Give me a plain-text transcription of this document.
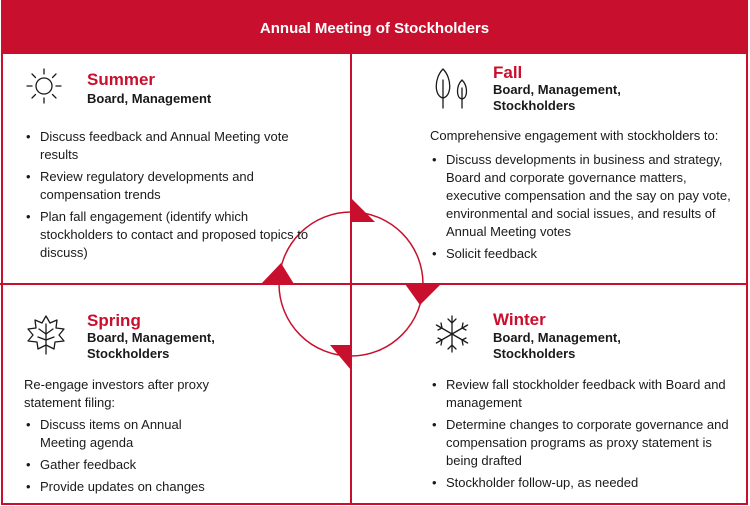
Annual Meeting of Stockholders
Summer
Board, Management
• Discuss feedback and Annual Meeting vote results
• Review regulatory developments and compensation trends
• Plan fall engagement (identify which stockholders to contact and proposed topics to discuss)
Fall
Board, Management,
Stockholders
Comprehensive engagement with stockholders to:
• Discuss developments in business and strategy, Board and corporate governance matters, executive compensation and the say on pay vote, environmental and social issues, and results of Annual Meeting votes
• Solicit feedback
Spring
Board, Management,
Stockholders
Re-engage investors after proxy statement filing:
• Discuss items on Annual Meeting agenda
• Gather feedback
• Provide updates on changes
Winter
Board, Management,
Stockholders
• Review fall stockholder feedback with Board and management
• Determine changes to corporate governance and compensation programs as proxy statement is being drafted
• Stockholder follow-up, as needed
